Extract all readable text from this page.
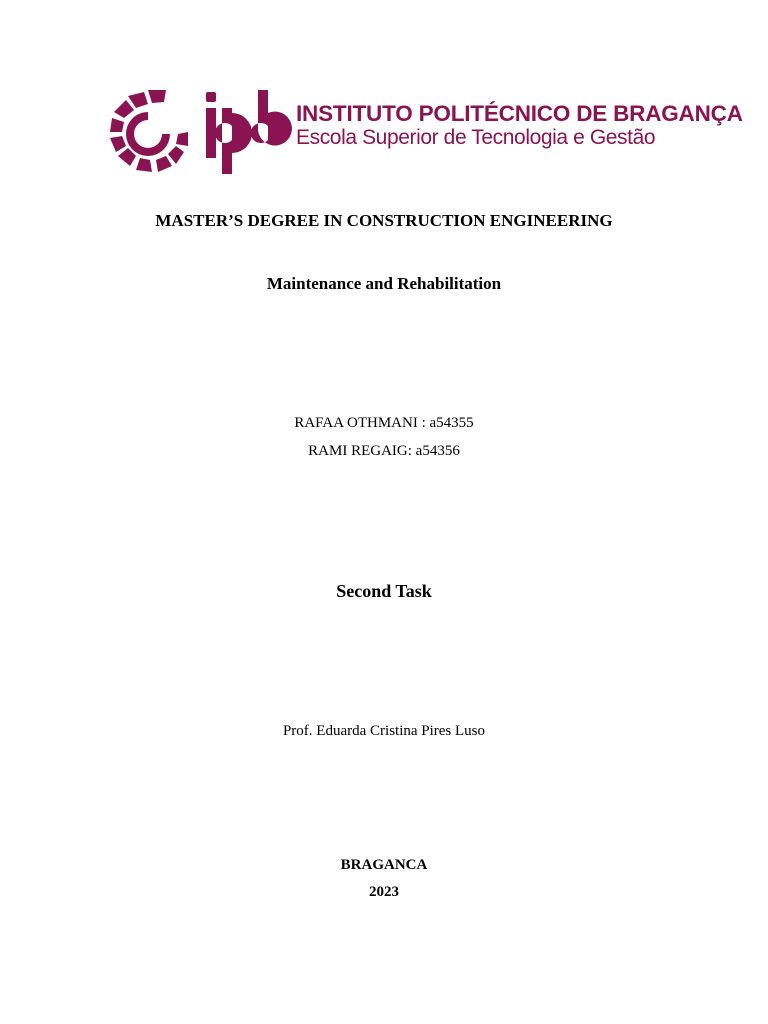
INSTITUTO POLITÉCNICO DE BRAGANÇA
Escola Superior de Tecnologia e Gestão
MASTER’S DEGREE IN CONSTRUCTION ENGINEERING
Maintenance and Rehabilitation
RAFAA OTHMANI : a54355
RAMI REGAIG: a54356
Second Task
Prof. Eduarda Cristina Pires Luso
BRAGANCA
2023
